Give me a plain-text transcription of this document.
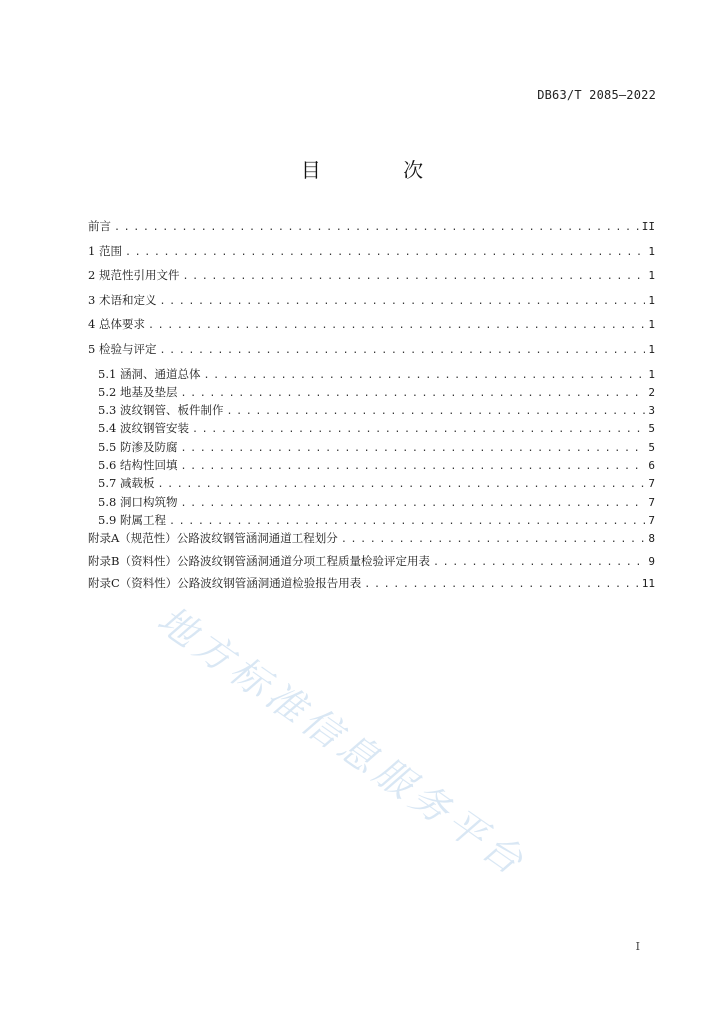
DB63/T 2085—2022
目 次
前言 . . .	II
1 范围 . . .	1
2 规范性引用文件 . . .	1
3 术语和定义 . . .	1
4 总体要求 . . .	1
5 检验与评定 . . .	1
5.1 涵洞、通道总体 . . .	1
5.2 地基及垫层 . . .	2
5.3 波纹钢管、板件制作 . . .	3
5.4 波纹钢管安装 . . .	5
5.5 防渗及防腐 . . .	5
5.6 结构性回填 . . .	6
5.7 减载板 . . .	7
5.8 洞口构筑物 . . .	7
5.9 附属工程 . . .	7
附录A（规范性）公路波纹钢管涵洞通道工程划分 . . .	8
附录B（资料性）公路波纹钢管涵洞通道分项工程质量检验评定用表 . . .	9
附录C（资料性）公路波纹钢管涵洞通道检验报告用表 . . .	11
地方标准信息服务平台
I
